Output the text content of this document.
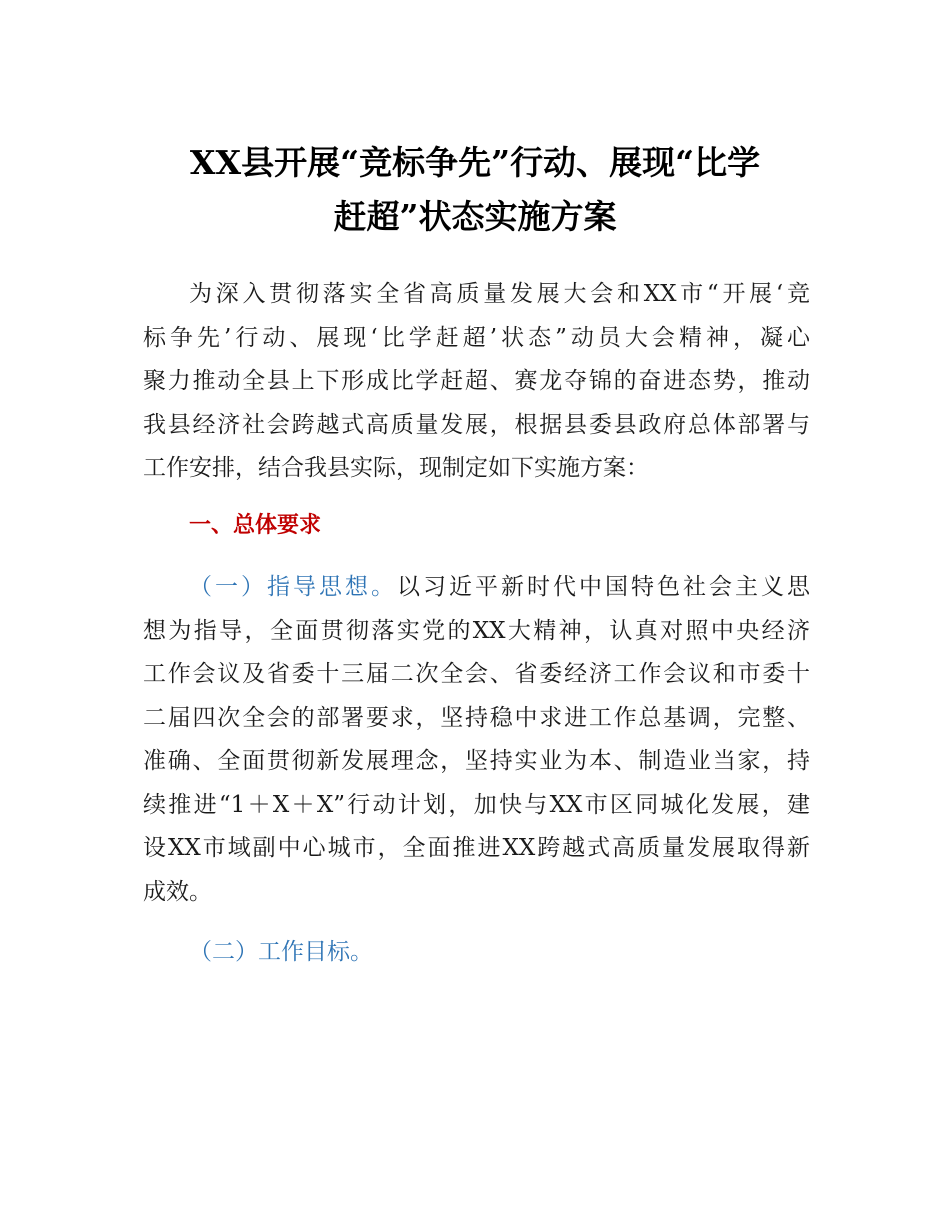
XX县开展“竞标争先”行动、展现“比学
赶超”状态实施方案

为深入贯彻落实全省高质量发展大会和XX市“开展‘竞
标争先’行动、展现‘比学赶超’状态”动员大会精神，凝心
聚力推动全县上下形成比学赶超、赛龙夺锦的奋进态势，推动
我县经济社会跨越式高质量发展，根据县委县政府总体部署与
工作安排，结合我县实际，现制定如下实施方案：

一、总体要求

（一）指导思想。以习近平新时代中国特色社会主义思
想为指导，全面贯彻落实党的XX大精神，认真对照中央经济
工作会议及省委十三届二次全会、省委经济工作会议和市委十
二届四次全会的部署要求，坚持稳中求进工作总基调，完整、
准确、全面贯彻新发展理念，坚持实业为本、制造业当家，持
续推进“1＋X＋X”行动计划，加快与XX市区同城化发展，建
设XX市域副中心城市，全面推进XX跨越式高质量发展取得新
成效。

（二）工作目标。
